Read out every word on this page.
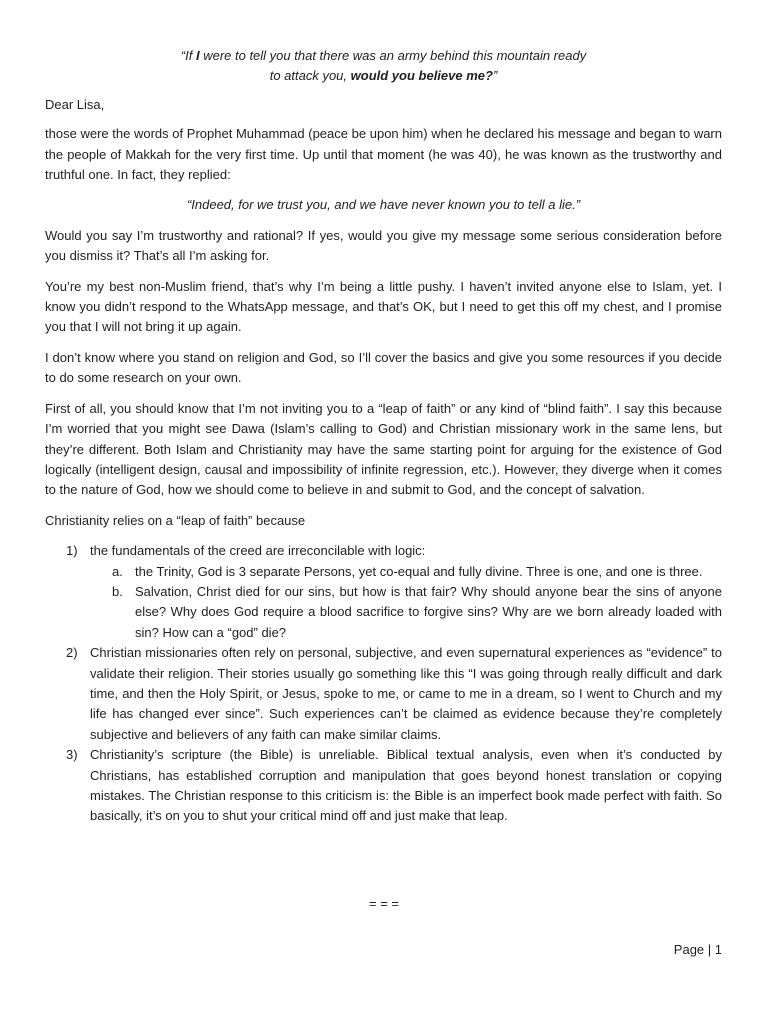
“If I were to tell you that there was an army behind this mountain ready
to attack you, would you believe me?”

Dear Lisa,

those were the words of Prophet Muhammad (peace be upon him) when he declared his message and began to warn the people of Makkah for the very first time. Up until that moment (he was 40), he was known as the trustworthy and truthful one. In fact, they replied:

“Indeed, for we trust you, and we have never known you to tell a lie.”

Would you say I’m trustworthy and rational? If yes, would you give my message some serious consideration before you dismiss it? That’s all I’m asking for.

You’re my best non-Muslim friend, that’s why I’m being a little pushy. I haven’t invited anyone else to Islam, yet. I know you didn’t respond to the WhatsApp message, and that’s OK, but I need to get this off my chest, and I promise you that I will not bring it up again.

I don’t know where you stand on religion and God, so I’ll cover the basics and give you some resources if you decide to do some research on your own.

First of all, you should know that I’m not inviting you to a “leap of faith” or any kind of “blind faith”. I say this because I’m worried that you might see Dawa (Islam’s calling to God) and Christian missionary work in the same lens, but they’re different. Both Islam and Christianity may have the same starting point for arguing for the existence of God logically (intelligent design, causal and impossibility of infinite regression, etc.). However, they diverge when it comes to the nature of God, how we should come to believe in and submit to God, and the concept of salvation.

Christianity relies on a “leap of faith” because

1) the fundamentals of the creed are irreconcilable with logic:
a. the Trinity, God is 3 separate Persons, yet co-equal and fully divine. Three is one, and one is three.
b. Salvation, Christ died for our sins, but how is that fair? Why should anyone bear the sins of anyone else? Why does God require a blood sacrifice to forgive sins? Why are we born already loaded with sin? How can a “god” die?
2) Christian missionaries often rely on personal, subjective, and even supernatural experiences as “evidence” to validate their religion. Their stories usually go something like this “I was going through really difficult and dark time, and then the Holy Spirit, or Jesus, spoke to me, or came to me in a dream, so I went to Church and my life has changed ever since”. Such experiences can’t be claimed as evidence because they’re completely subjective and believers of any faith can make similar claims.
3) Christianity’s scripture (the Bible) is unreliable. Biblical textual analysis, even when it’s conducted by Christians, has established corruption and manipulation that goes beyond honest translation or copying mistakes. The Christian response to this criticism is: the Bible is an imperfect book made perfect with faith. So basically, it’s on you to shut your critical mind off and just make that leap.
= = =
Page | 1
